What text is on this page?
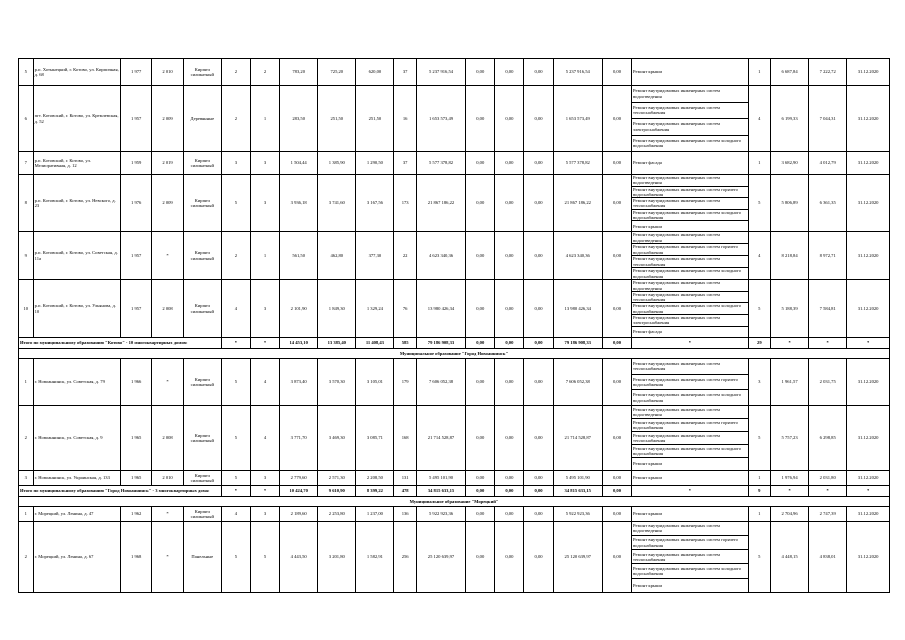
5	р.п. Хотынецкий, г. Котово, ул. Кирпичная, д. 68	1 977	2 010	Кирпич силикатный	2	2	783,20	725,20	620,00	37	5 237 916,54	0,00	0,00	0,00	5 237 916,54	0,00	Ремонт крыши	1	6 687,84	7 222,72	31.12.2020
6	пгт. Котовский, г. Котово, ул. Кремлевская, д. 52	1 957	2 009	Деревянные	2	1	283,50	251,50	251,50	16	1 653 573,49	0,00	0,00	0,00	1 653 573,49	0,00	Ремонт внутридомовых инженерных систем водоотведения	4	6 199,33	7 044,31	31.12.2020
																	Ремонт внутридомовых инженерных систем теплоснабжения				
																	Ремонт внутридомовых инженерных систем электроснабжения				
																	Ремонт внутридомовых инженерных систем холодного водоснабжения				
7	р.п. Котовский, г. Котово, ул. Мелиоративная, д. 12	1 959	2 019	Кирпич силикатный	3	3	1 504,44	1 385,90	1 290,50	37	5 577 378,82	0,00	0,00	0,00	5 577 378,82	0,00	Ремонт фасада	1	3 682,90	4 012,79	31.12.2020
8	р.п. Котовский, г. Котово, ул. Невского, д. 23	1 976	2 009	Кирпич силикатный	5	3	3 936,18	3 741,60	3 167,56	173	21 867 186,22	0,00	0,00	0,00	21 867 186,22	0,00	Ремонт внутридомовых инженерных систем водоотведения	5	5 806,89	6 361,35	31.12.2020
																	Ремонт внутридомовых инженерных систем горячего водоснабжения				
																	Ремонт внутридомовых инженерных систем теплоснабжения				
																	Ремонт внутридомовых инженерных систем холодного водоснабжения				
																	Ремонт крыши				
9	р.п. Котовский, г. Котово, ул. Советская, д. 11а	1 957	*	Кирпич силикатный	2	1	561,50	462,80	377,30	22	4 623 340,36	0,00	0,00	0,00	4 623 340,36	0,00	Ремонт внутридомовых инженерных систем водоотведения	4	8 218,84	8 972,71	31.12.2020
																	Ремонт внутридомовых инженерных систем горячего водоснабжения				
																	Ремонт внутридомовых инженерных систем теплоснабжения				
																	Ремонт внутридомовых инженерных систем холодного водоснабжения				
10	р.п. Котовский, г. Котово, ул. Ульянова, д. 10	1 957	2 008	Кирпич силикатный	4	3	2 101,90	1 849,30	1 329,24	76	13 980 426,34	0,00	0,00	0,00	13 980 426,34	0,00	Ремонт внутридомовых инженерных систем водоотведения	5	5 188,39	7 584,81	31.12.2020
																	Ремонт внутридомовых инженерных систем теплоснабжения				
																	Ремонт внутридомовых инженерных систем холодного водоснабжения				
																	Ремонт внутридомовых инженерных систем электроснабжения				
																	Ремонт фасада				
Итого по муниципальному образованию "Котово" - 10 многоквартирных домов:					*	*	14 453,10	13 385,40	11 408,43	585	79 186 908,33	0,00	0,00	0,00	79 186 908,33	0,00	*	29	*	*	*
Муниципальное образование "Город Новоаннинск"																					
1	г. Новоаннинск, ул. Советская, д. 79	1 966	*	Кирпич силикатный	5	4	3 873,40	3 570,30	3 105,01	179	7 606 052,38	0,00	0,00	0,00	7 606 052,38	0,00	Ремонт внутридомовых инженерных систем теплоснабжения	3	1 961,57	2 031,75	31.12.2020
																	Ремонт внутридомовых инженерных систем горячего водоснабжения				
																	Ремонт внутридомовых инженерных систем холодного водоснабжения				
2	г. Новоаннинск, ул. Советская, д. 9	1 965	2 008	Кирпич силикатный	5	4	3 771,70	3 469,30	3 085,71	168	21 714 528,87	0,00	0,00	0,00	21 714 528,87	0,00	Ремонт внутридомовых инженерных систем водоотведения	5	5 757,23	6 298,85	31.12.2020
																	Ремонт внутридомовых инженерных систем горячего водоснабжения				
																	Ремонт внутридомовых инженерных систем теплоснабжения				
																	Ремонт внутридомовых инженерных систем холодного водоснабжения				
																	Ремонт крыши				
3	г. Новоаннинск, ул. Украинская, д. 133	1 965	2 010	Кирпич силикатный	5	3	2 779,60	2 571,30	2 208,50	131	5 495 101,90	0,00	0,00	0,00	5 495 101,90	0,00	Ремонт крыши	1	1 976,94	2 031,80	31.12.2020
Итого по муниципальному образованию "Город Новоаннинск" - 3 многоквартирных дома:					*	*	10 424,70	9 610,90	8 399,22	478	34 815 633,15	0,00	0,00	0,00	34 815 633,15	0,00	*	9	*	*	*
Муниципальное образование "Морецкий"																					
1	г. Морецкий, ул. Ленина, д. 47	1 962	*	Кирпич силикатный	4	3	2 189,60	2 253,80	1 237,00	136	5 922 923,36	0,00	0,00	0,00	5 922 923,36	0,00	Ремонт крыши	1	2 704,96	2 747,39	31.12.2020
2	г. Морецкий, ул. Ленина, д. 67	1 968	*	Панельные	5	5	4 443,50	3 201,80	1 582,91	256	25 120 639,97	0,00	0,00	0,00	25 120 639,97	0,00	Ремонт внутридомовых инженерных систем водоотведения	5	4 448,15	4 838,01	31.12.2020
																	Ремонт внутридомовых инженерных систем горячего водоснабжения				
																	Ремонт внутридомовых инженерных систем теплоснабжения				
																	Ремонт внутридомовых инженерных систем холодного водоснабжения				
																	Ремонт крыши				
